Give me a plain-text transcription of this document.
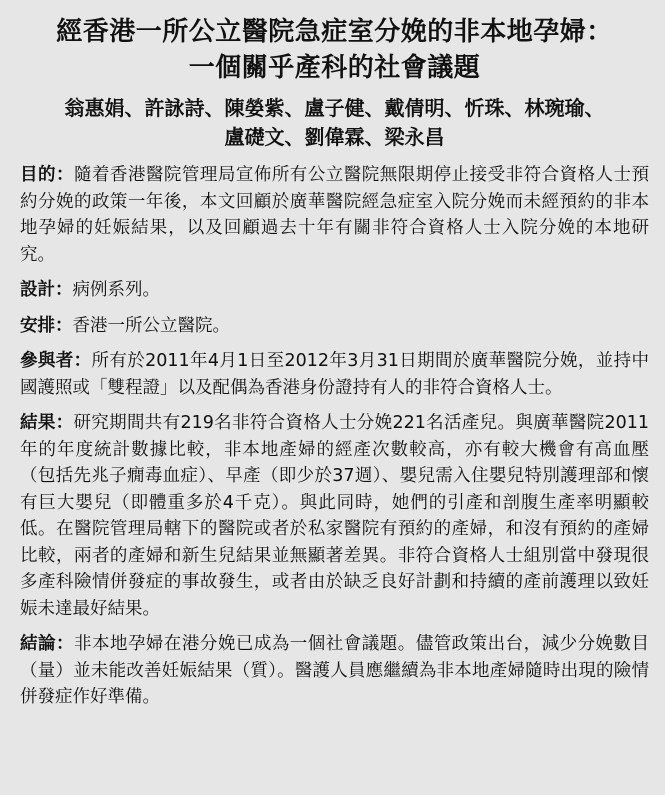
經香港一所公立醫院急症室分娩的非本地孕婦：
一個關乎產科的社會議題
翁惠娟、許詠詩、陳嫈紫、盧子健、戴倩明、忻珠、林琬瑜、
盧礎文、劉偉霖、梁永昌

目的：隨着香港醫院管理局宣佈所有公立醫院無限期停止接受非符合資格人士預約分娩的政策一年後，本文回顧於廣華醫院經急症室入院分娩而未經預約的非本地孕婦的妊娠結果，以及回顧過去十年有關非符合資格人士入院分娩的本地研究。

設計：病例系列。

安排：香港一所公立醫院。

參與者：所有於2011年4月1日至2012年3月31日期間於廣華醫院分娩，並持中國護照或「雙程證」以及配偶為香港身份證持有人的非符合資格人士。

結果：研究期間共有219名非符合資格人士分娩221名活產兒。與廣華醫院2011年的年度統計數據比較，非本地產婦的經產次數較高，亦有較大機會有高血壓（包括先兆子癇毒血症）、早產（即少於37週）、嬰兒需入住嬰兒特別護理部和懷有巨大嬰兒（即體重多於4千克）。與此同時，她們的引產和剖腹生產率明顯較低。在醫院管理局轄下的醫院或者於私家醫院有預約的產婦，和沒有預約的產婦比較，兩者的產婦和新生兒結果並無顯著差異。非符合資格人士組別當中發現很多產科險情併發症的事故發生，或者由於缺乏良好計劃和持續的產前護理以致妊娠未達最好結果。

結論：非本地孕婦在港分娩已成為一個社會議題。儘管政策出台，減少分娩數目（量）並未能改善妊娠結果（質）。醫護人員應繼續為非本地產婦隨時出現的險情併發症作好準備。
